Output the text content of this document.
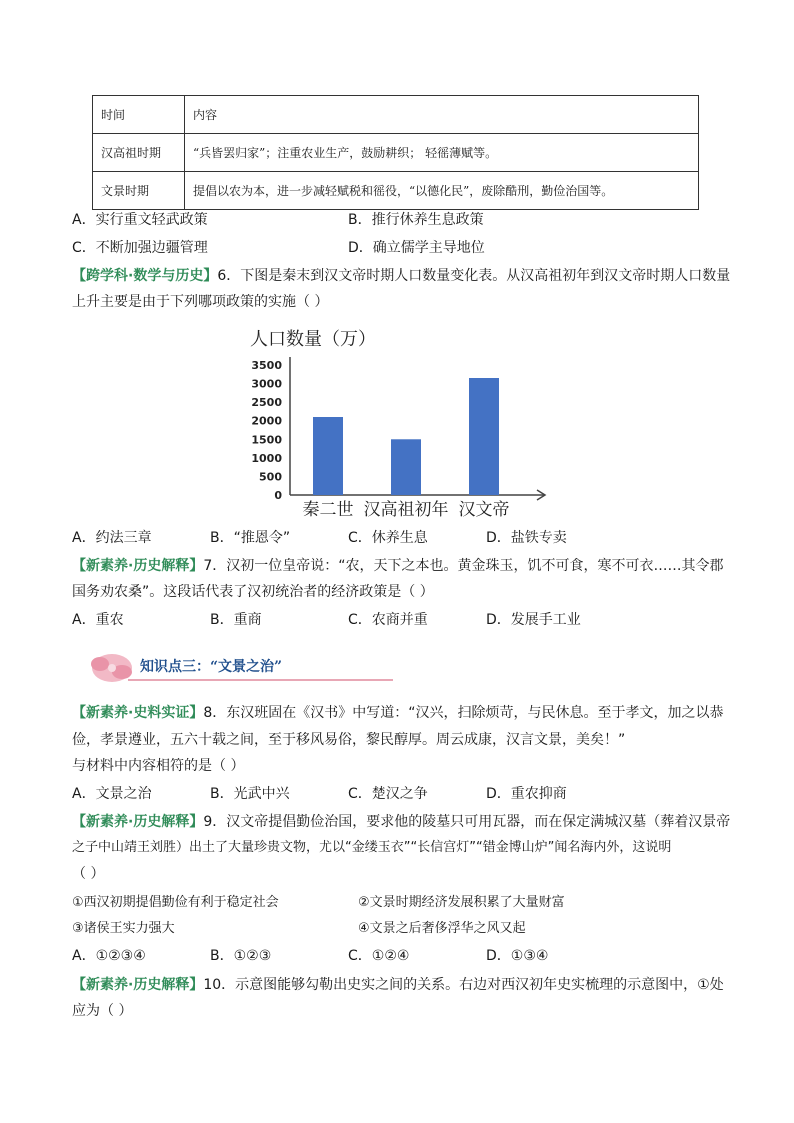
时间	内容
汉高祖时期	“兵皆罢归家”；注重农业生产，鼓励耕织； 轻徭薄赋等。
文景时期	提倡以农为本，进一步减轻赋税和徭役，“以德化民”，废除酷刑，勤俭治国等。
A．实行重文轻武政策	B．推行休养生息政策
C．不断加强边疆管理	D．确立儒学主导地位
【跨学科·数学与历史】6．下图是秦末到汉文帝时期人口数量变化表。从汉高祖初年到汉文帝时期人口数量
上升主要是由于下列哪项政策的实施（ ）
人口数量（万）
0
500
1000
1500
2000
2500
3000
3500
秦二世 汉高祖初年 汉文帝
A．约法三章	B．“推恩令”	C．休养生息	D．盐铁专卖
【新素养·历史解释】7．汉初一位皇帝说：“农，天下之本也。黄金珠玉，饥不可食，寒不可衣……其令郡
国务劝农桑”。这段话代表了汉初统治者的经济政策是（ ）
A．重农	B．重商	C．农商并重	D．发展手工业
知识点三：“文景之治”
【新素养·史料实证】8．东汉班固在《汉书》中写道：“汉兴，扫除烦苛，与民休息。至于孝文，加之以恭
俭，孝景遵业，五六十载之间，至于移风易俗，黎民醇厚。周云成康，汉言文景，美矣！”
与材料中内容相符的是（ ）
A．文景之治	B．光武中兴	C．楚汉之争	D．重农抑商
【新素养·历史解释】9．汉文帝提倡勤俭治国，要求他的陵墓只可用瓦器，而在保定满城汉墓（葬着汉景帝
之子中山靖王刘胜）出土了大量珍贵文物，尤以“金缕玉衣”“长信宫灯”“错金博山炉”闻名海内外，这说明
（ ）
①西汉初期提倡勤俭有利于稳定社会	②文景时期经济发展积累了大量财富
③诸侯王实力强大	④文景之后奢侈浮华之风又起
A．①②③④	B．①②③	C．①②④	D．①③④
【新素养·历史解释】10．示意图能够勾勒出史实之间的关系。右边对西汉初年史实梳理的示意图中，①处
应为（ ）
